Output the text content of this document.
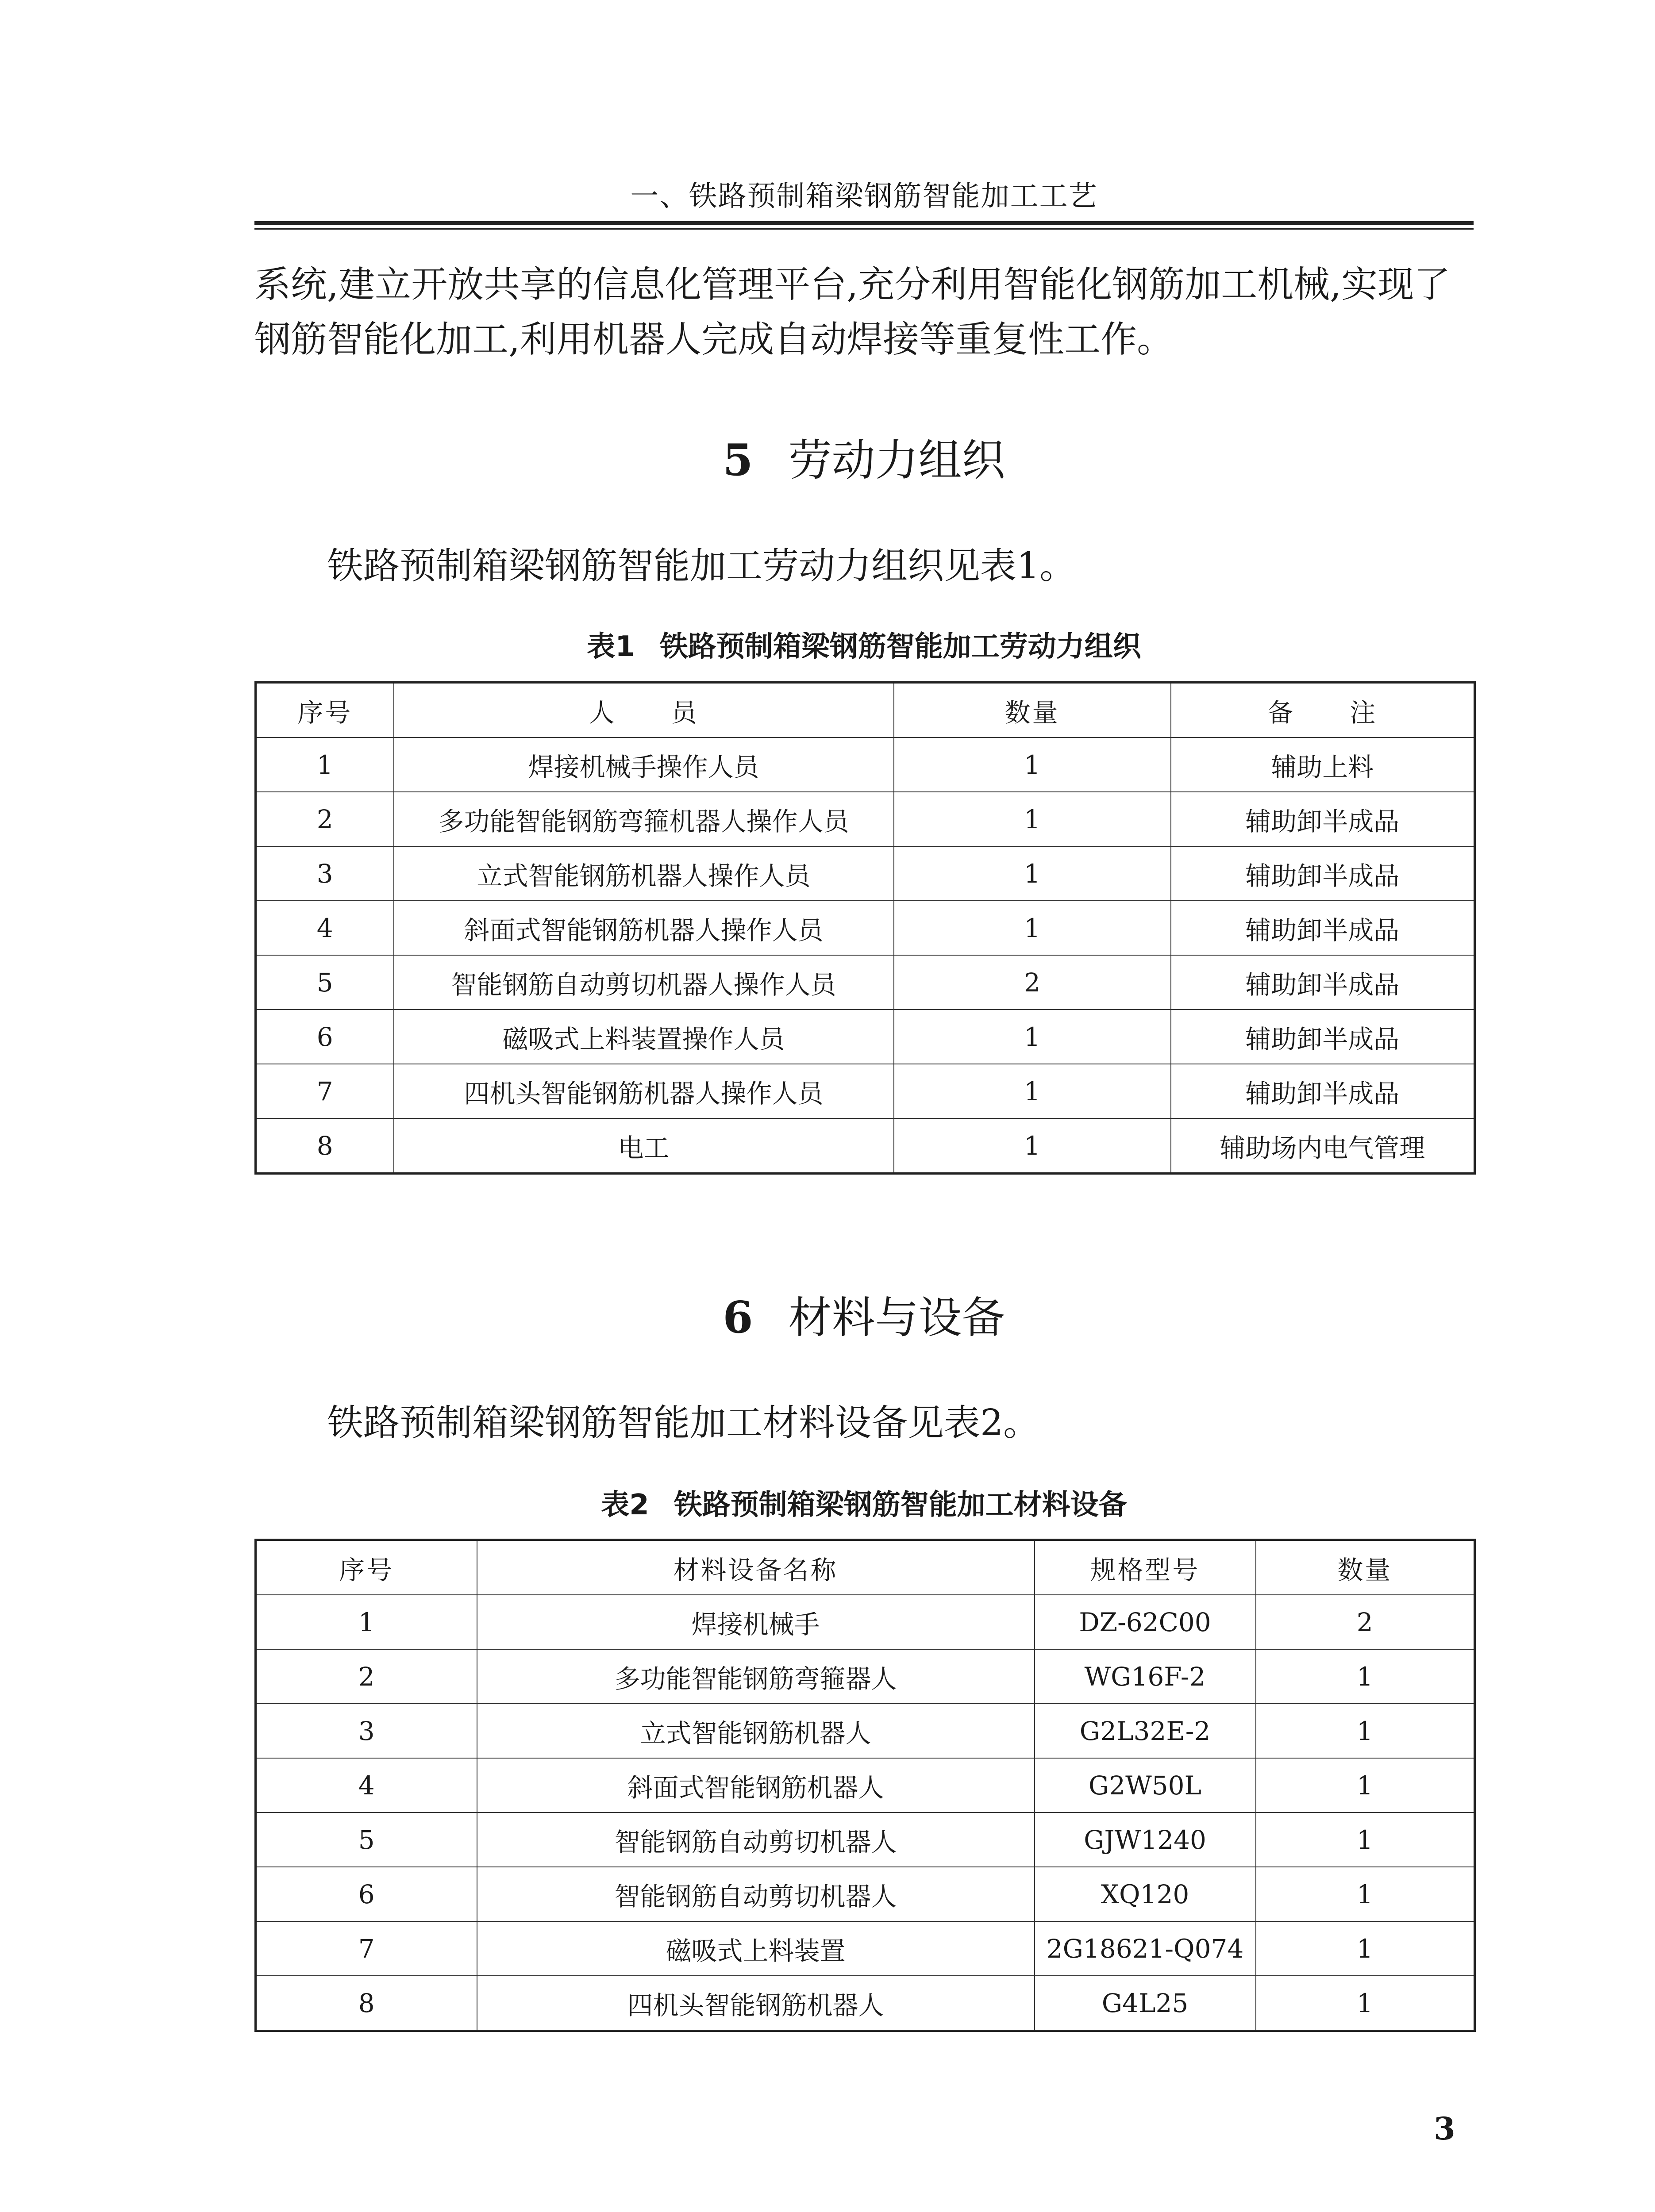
一、铁路预制箱梁钢筋智能加工工艺
系统,建立开放共享的信息化管理平台,充分利用智能化钢筋加工机械,实现了钢筋智能化加工,利用机器人完成自动焊接等重复性工作。
5 劳动力组织
铁路预制箱梁钢筋智能加工劳动力组织见表1。
表1 铁路预制箱梁钢筋智能加工劳动力组织
序号	人　　员	数量	备　　注
1	焊接机械手操作人员	1	辅助上料
2	多功能智能钢筋弯箍机器人操作人员	1	辅助卸半成品
3	立式智能钢筋机器人操作人员	1	辅助卸半成品
4	斜面式智能钢筋机器人操作人员	1	辅助卸半成品
5	智能钢筋自动剪切机器人操作人员	2	辅助卸半成品
6	磁吸式上料装置操作人员	1	辅助卸半成品
7	四机头智能钢筋机器人操作人员	1	辅助卸半成品
8	电工	1	辅助场内电气管理
6 材料与设备
铁路预制箱梁钢筋智能加工材料设备见表2。
表2 铁路预制箱梁钢筋智能加工材料设备
序号	材料设备名称	规格型号	数量
1	焊接机械手	DZ-62C00	2
2	多功能智能钢筋弯箍器人	WG16F-2	1
3	立式智能钢筋机器人	G2L32E-2	1
4	斜面式智能钢筋机器人	G2W50L	1
5	智能钢筋自动剪切机器人	GJW1240	1
6	智能钢筋自动剪切机器人	XQ120	1
7	磁吸式上料装置	2G18621-Q074	1
8	四机头智能钢筋机器人	G4L25	1
3
